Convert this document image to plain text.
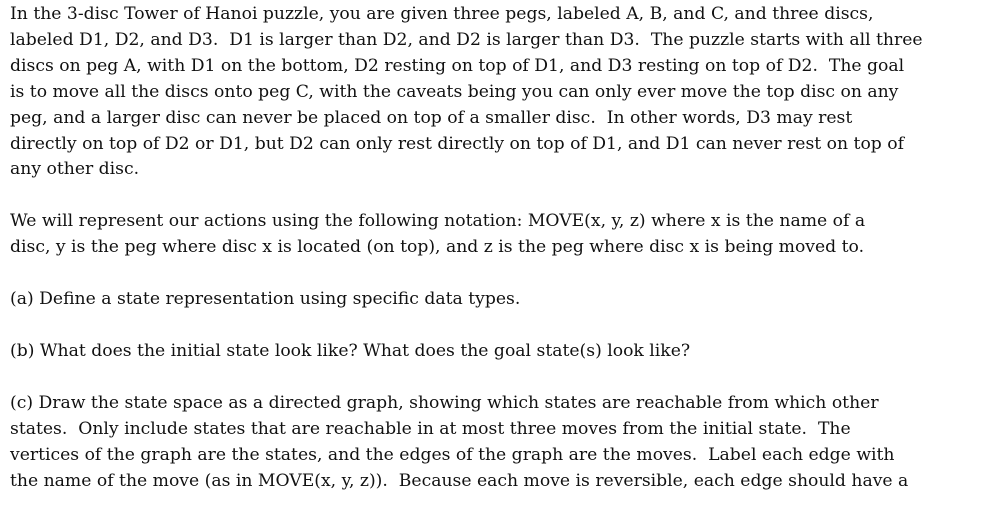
In the 3-disc Tower of Hanoi puzzle, you are given three pegs, labeled A, B, and C, and three discs,
labeled D1, D2, and D3.  D1 is larger than D2, and D2 is larger than D3.  The puzzle starts with all three
discs on peg A, with D1 on the bottom, D2 resting on top of D1, and D3 resting on top of D2.  The goal
is to move all the discs onto peg C, with the caveats being you can only ever move the top disc on any
peg, and a larger disc can never be placed on top of a smaller disc.  In other words, D3 may rest
directly on top of D2 or D1, but D2 can only rest directly on top of D1, and D1 can never rest on top of
any other disc.
We will represent our actions using the following notation: MOVE(x, y, z) where x is the name of a
disc, y is the peg where disc x is located (on top), and z is the peg where disc x is being moved to.
(a) Define a state representation using specific data types.
(b) What does the initial state look like? What does the goal state(s) look like?
(c) Draw the state space as a directed graph, showing which states are reachable from which other
states.  Only include states that are reachable in at most three moves from the initial state.  The
vertices of the graph are the states, and the edges of the graph are the moves.  Label each edge with
the name of the move (as in MOVE(x, y, z)).  Because each move is reversible, each edge should have a
